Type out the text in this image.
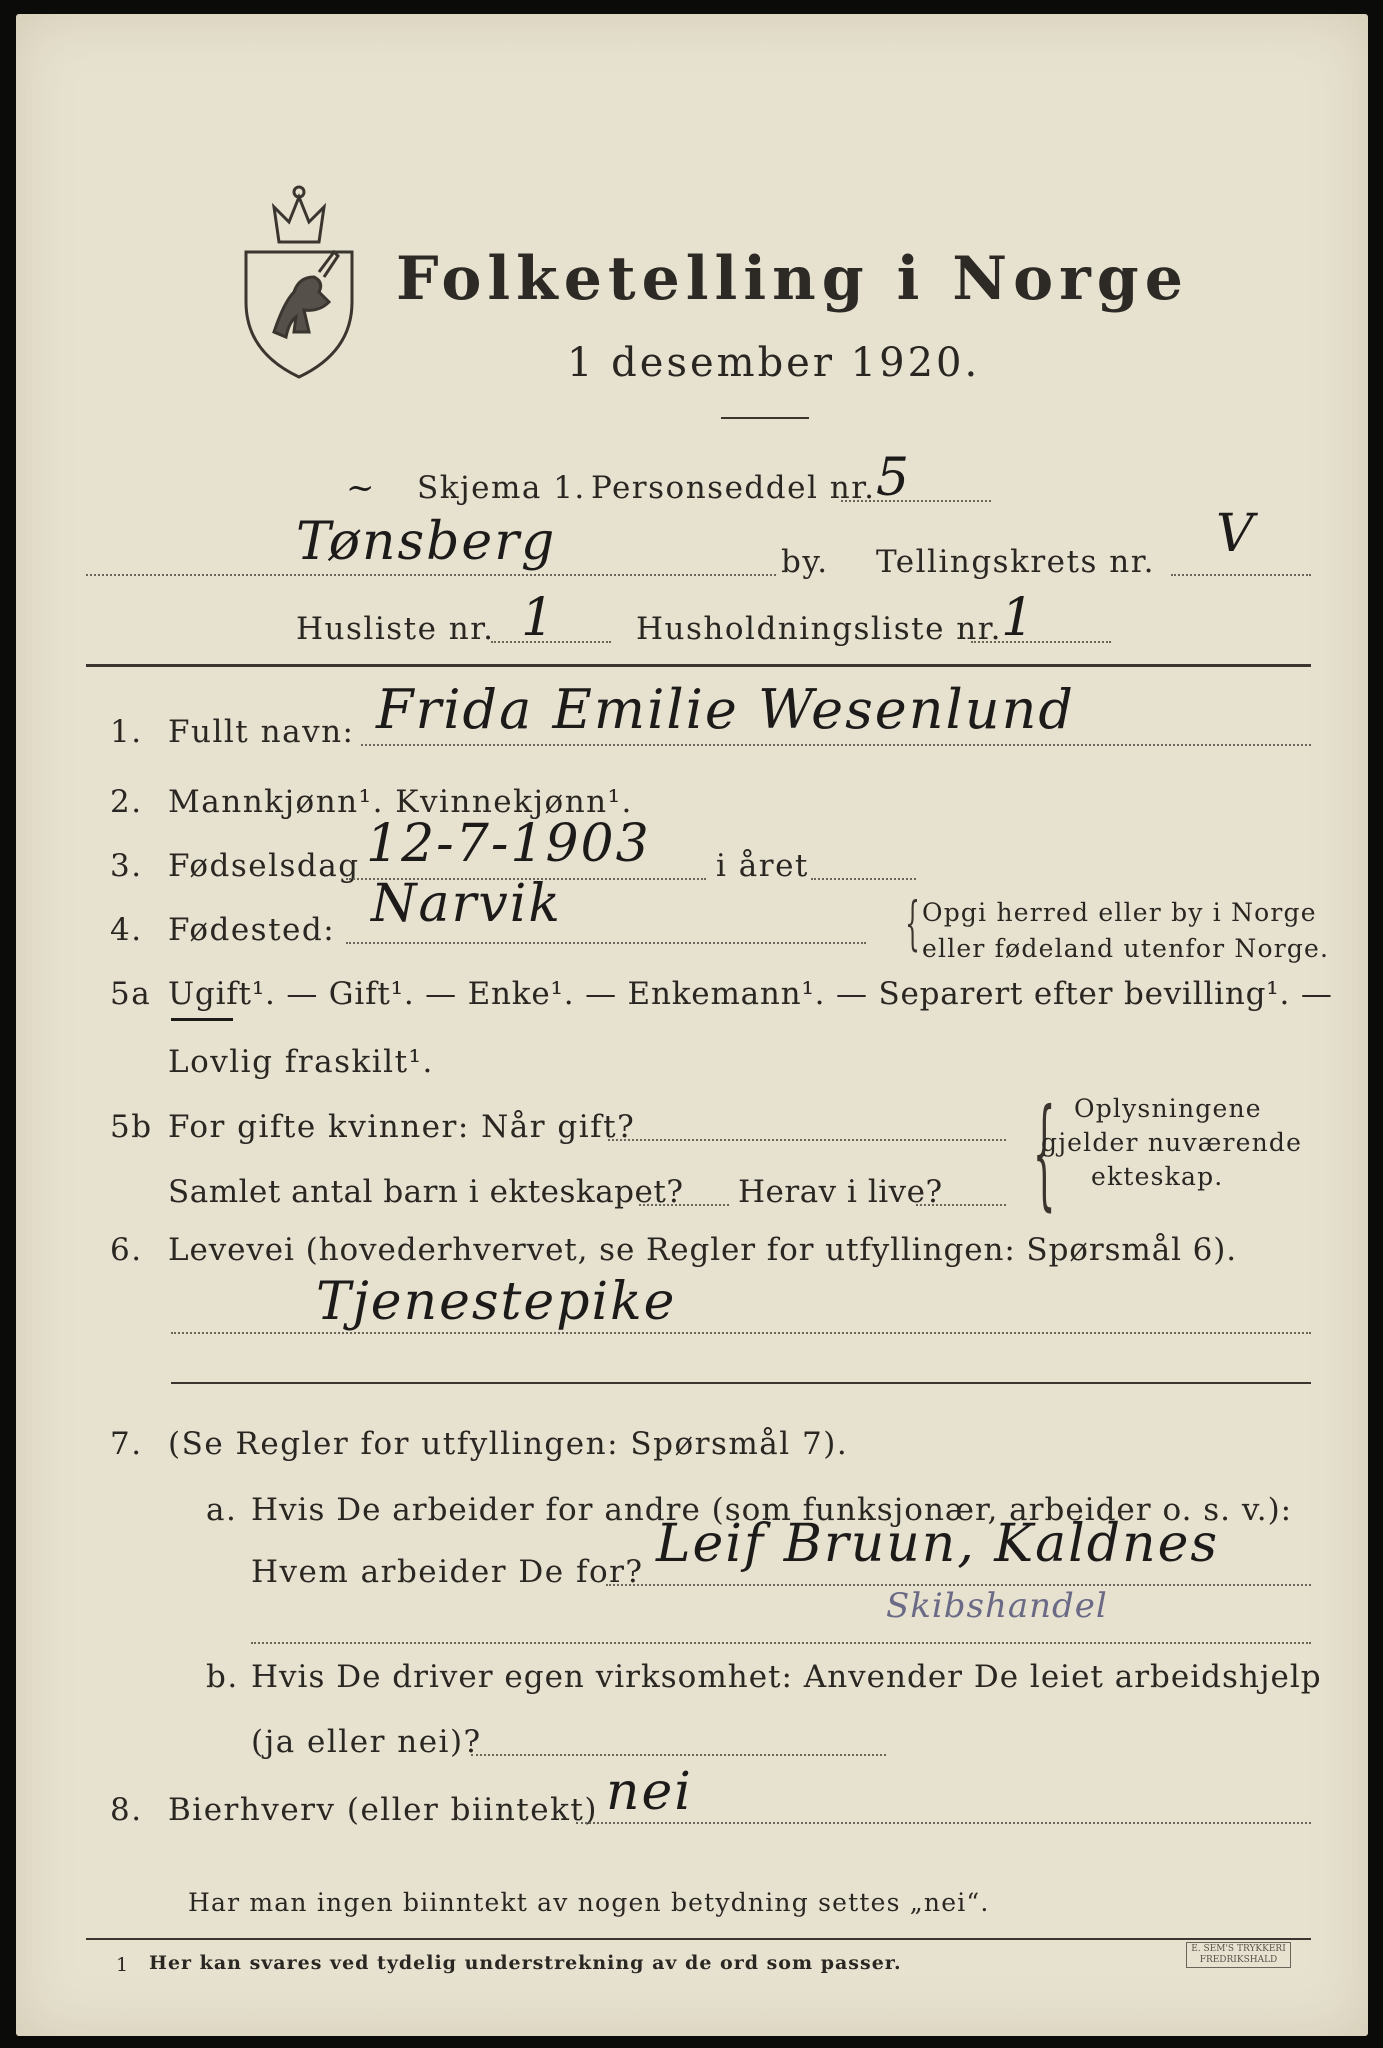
Folketelling i Norge
1 desember 1920.
~ Skjema 1. Personseddel nr. 5
Tønsberg	by. Tellingskrets nr. V
Husliste nr. 1	Husholdningsliste nr.
1
1. Fullt navn: Frida Emilie Wesenlund
2. Mannkjønn¹. Kvinnekjønn¹.
3. Fødselsdag 12-7-1903 i året
4. Fødested: Narvik	{ Opgi herred eller by i Norge
eller fødeland utenfor Norge.
5a Ugift¹. — Gift¹. — Enke¹. — Enkemann¹. — Separert efter bevilling¹. —
Lovlig fraskilt¹.
5b For gifte kvinner: Når gift?
Samlet antal barn i ekteskapet? Herav i live? { Oplysningene
gjelder nuværende
ekteskap.
6. Levevei (hovederhvervet, se Regler for utfyllingen: Spørsmål 6).
Tjenestepike
7. (Se Regler for utfyllingen: Spørsmål 7).
a. Hvis De arbeider for andre (som funksjonær, arbeider o. s. v.):
Hvem arbeider De for? Leif Bruun, Kaldnes
Skibshandel
b. Hvis De driver egen virksomhet: Anvender De leiet arbeidshjelp
(ja eller nei)?
8. Bierhverv (eller biintekt) nei
Har man ingen biinntekt av nogen betydning settes „nei“.
1 Her kan svares ved tydelig understrekning av de ord som passer.
E. SEM'S TRYKKERI
FREDRIKSHALD
